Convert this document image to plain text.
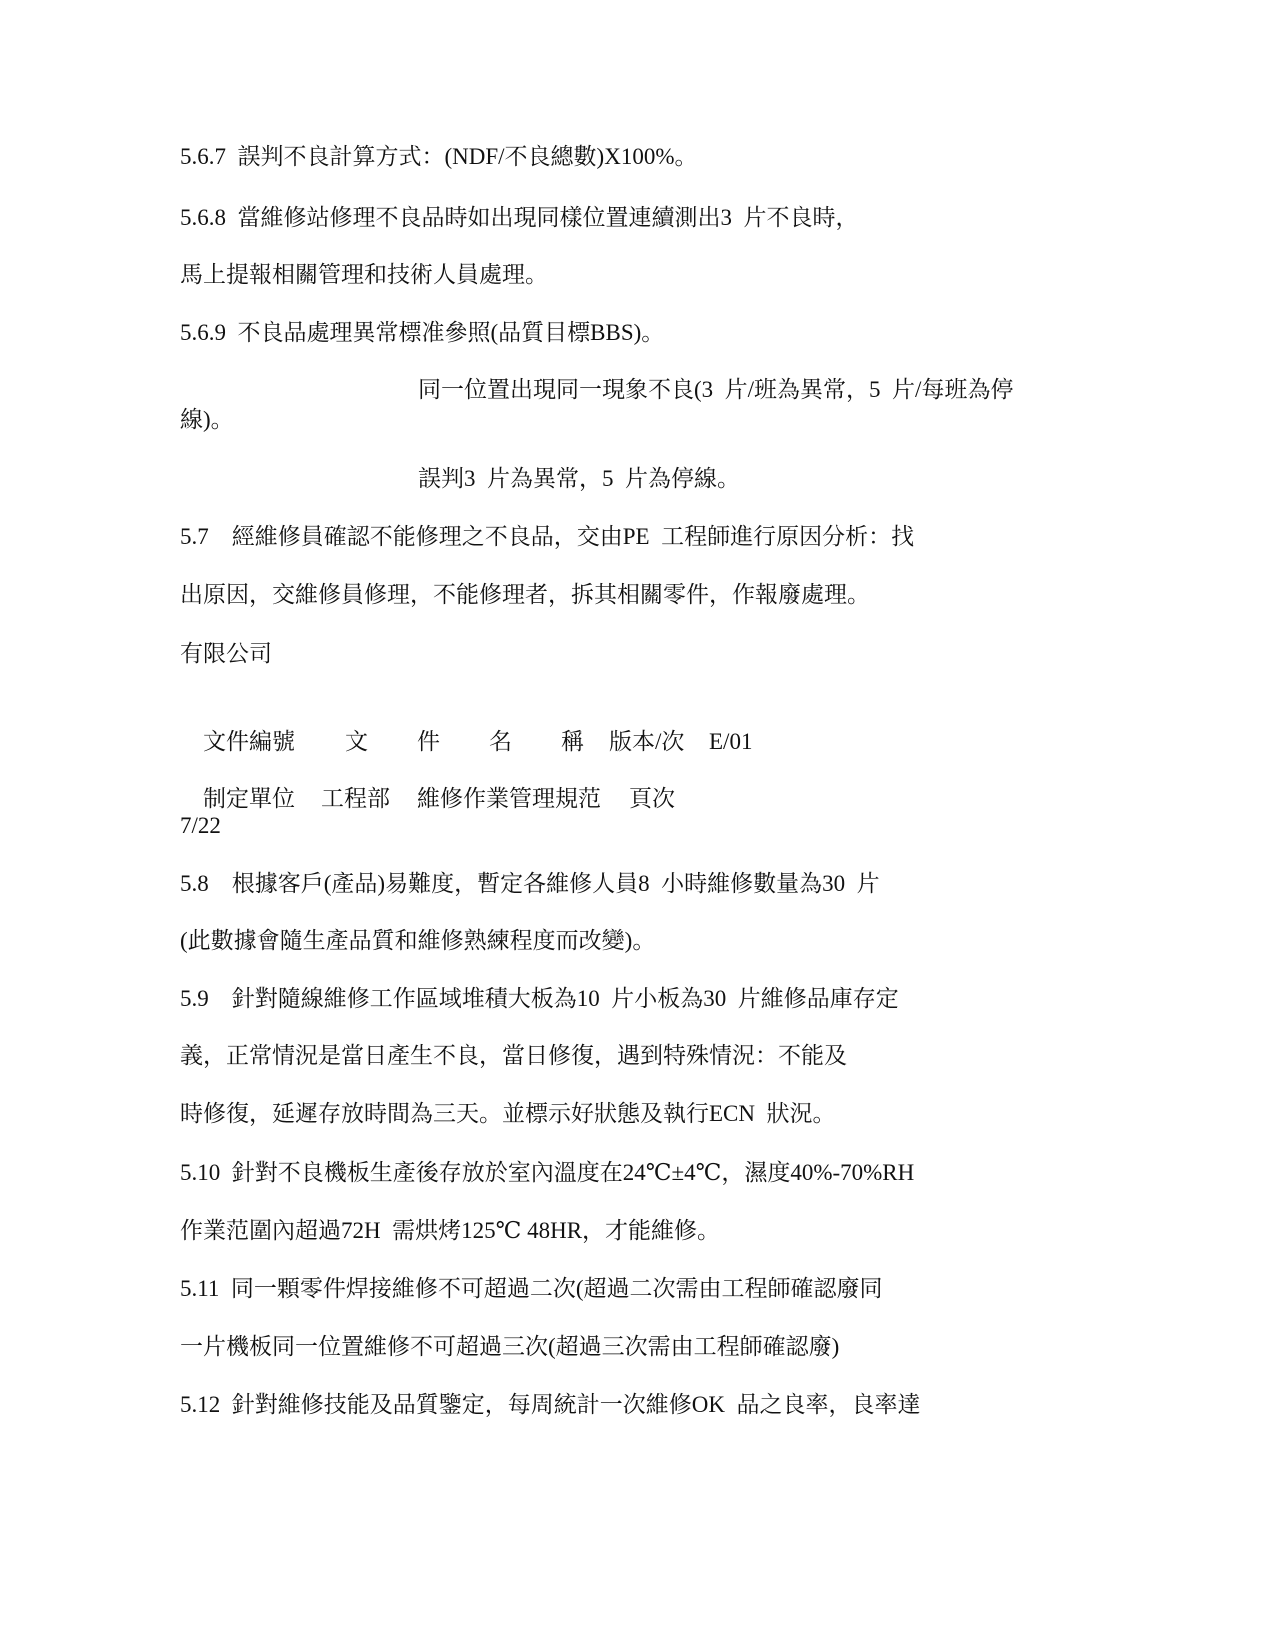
5.6.7  誤判不良計算方式：(NDF/不良總數)X100%。
5.6.8  當維修站修理不良品時如出現同樣位置連續測出3  片不良時，
馬上提報相關管理和技術人員處理。
5.6.9  不良品處理異常標准參照(品質目標BBS)。
同一位置出現同一現象不良(3  片/班為異常，5  片/每班為停
線)。
誤判3  片為異常，5  片為停線。
5.7    經維修員確認不能修理之不良品，交由PE  工程師進行原因分析：找
出原因，交維修員修理，不能修理者，拆其相關零件，作報廢處理。
有限公司

文件編號 文 件 名 稱 版本/次 E/01

制定單位 工程部 維修作業管理規范 頁次

7/22
5.8    根據客戶(產品)易難度，暫定各維修人員8  小時維修數量為30  片
(此數據會隨生產品質和維修熟練程度而改變)。
5.9    針對隨線維修工作區域堆積大板為10  片小板為30  片維修品庫存定
義，正常情況是當日產生不良，當日修復，遇到特殊情況：不能及
時修復，延遲存放時間為三天。並標示好狀態及執行ECN  狀況。
5.10  針對不良機板生產後存放於室內溫度在24℃±4℃，濕度40%-70%RH
作業范圍內超過72H  需烘烤125℃ 48HR，才能維修。
5.11  同一顆零件焊接維修不可超過二次(超過二次需由工程師確認廢同
一片機板同一位置維修不可超過三次(超過三次需由工程師確認廢)
5.12  針對維修技能及品質鑒定，每周統計一次維修OK  品之良率，良率達
